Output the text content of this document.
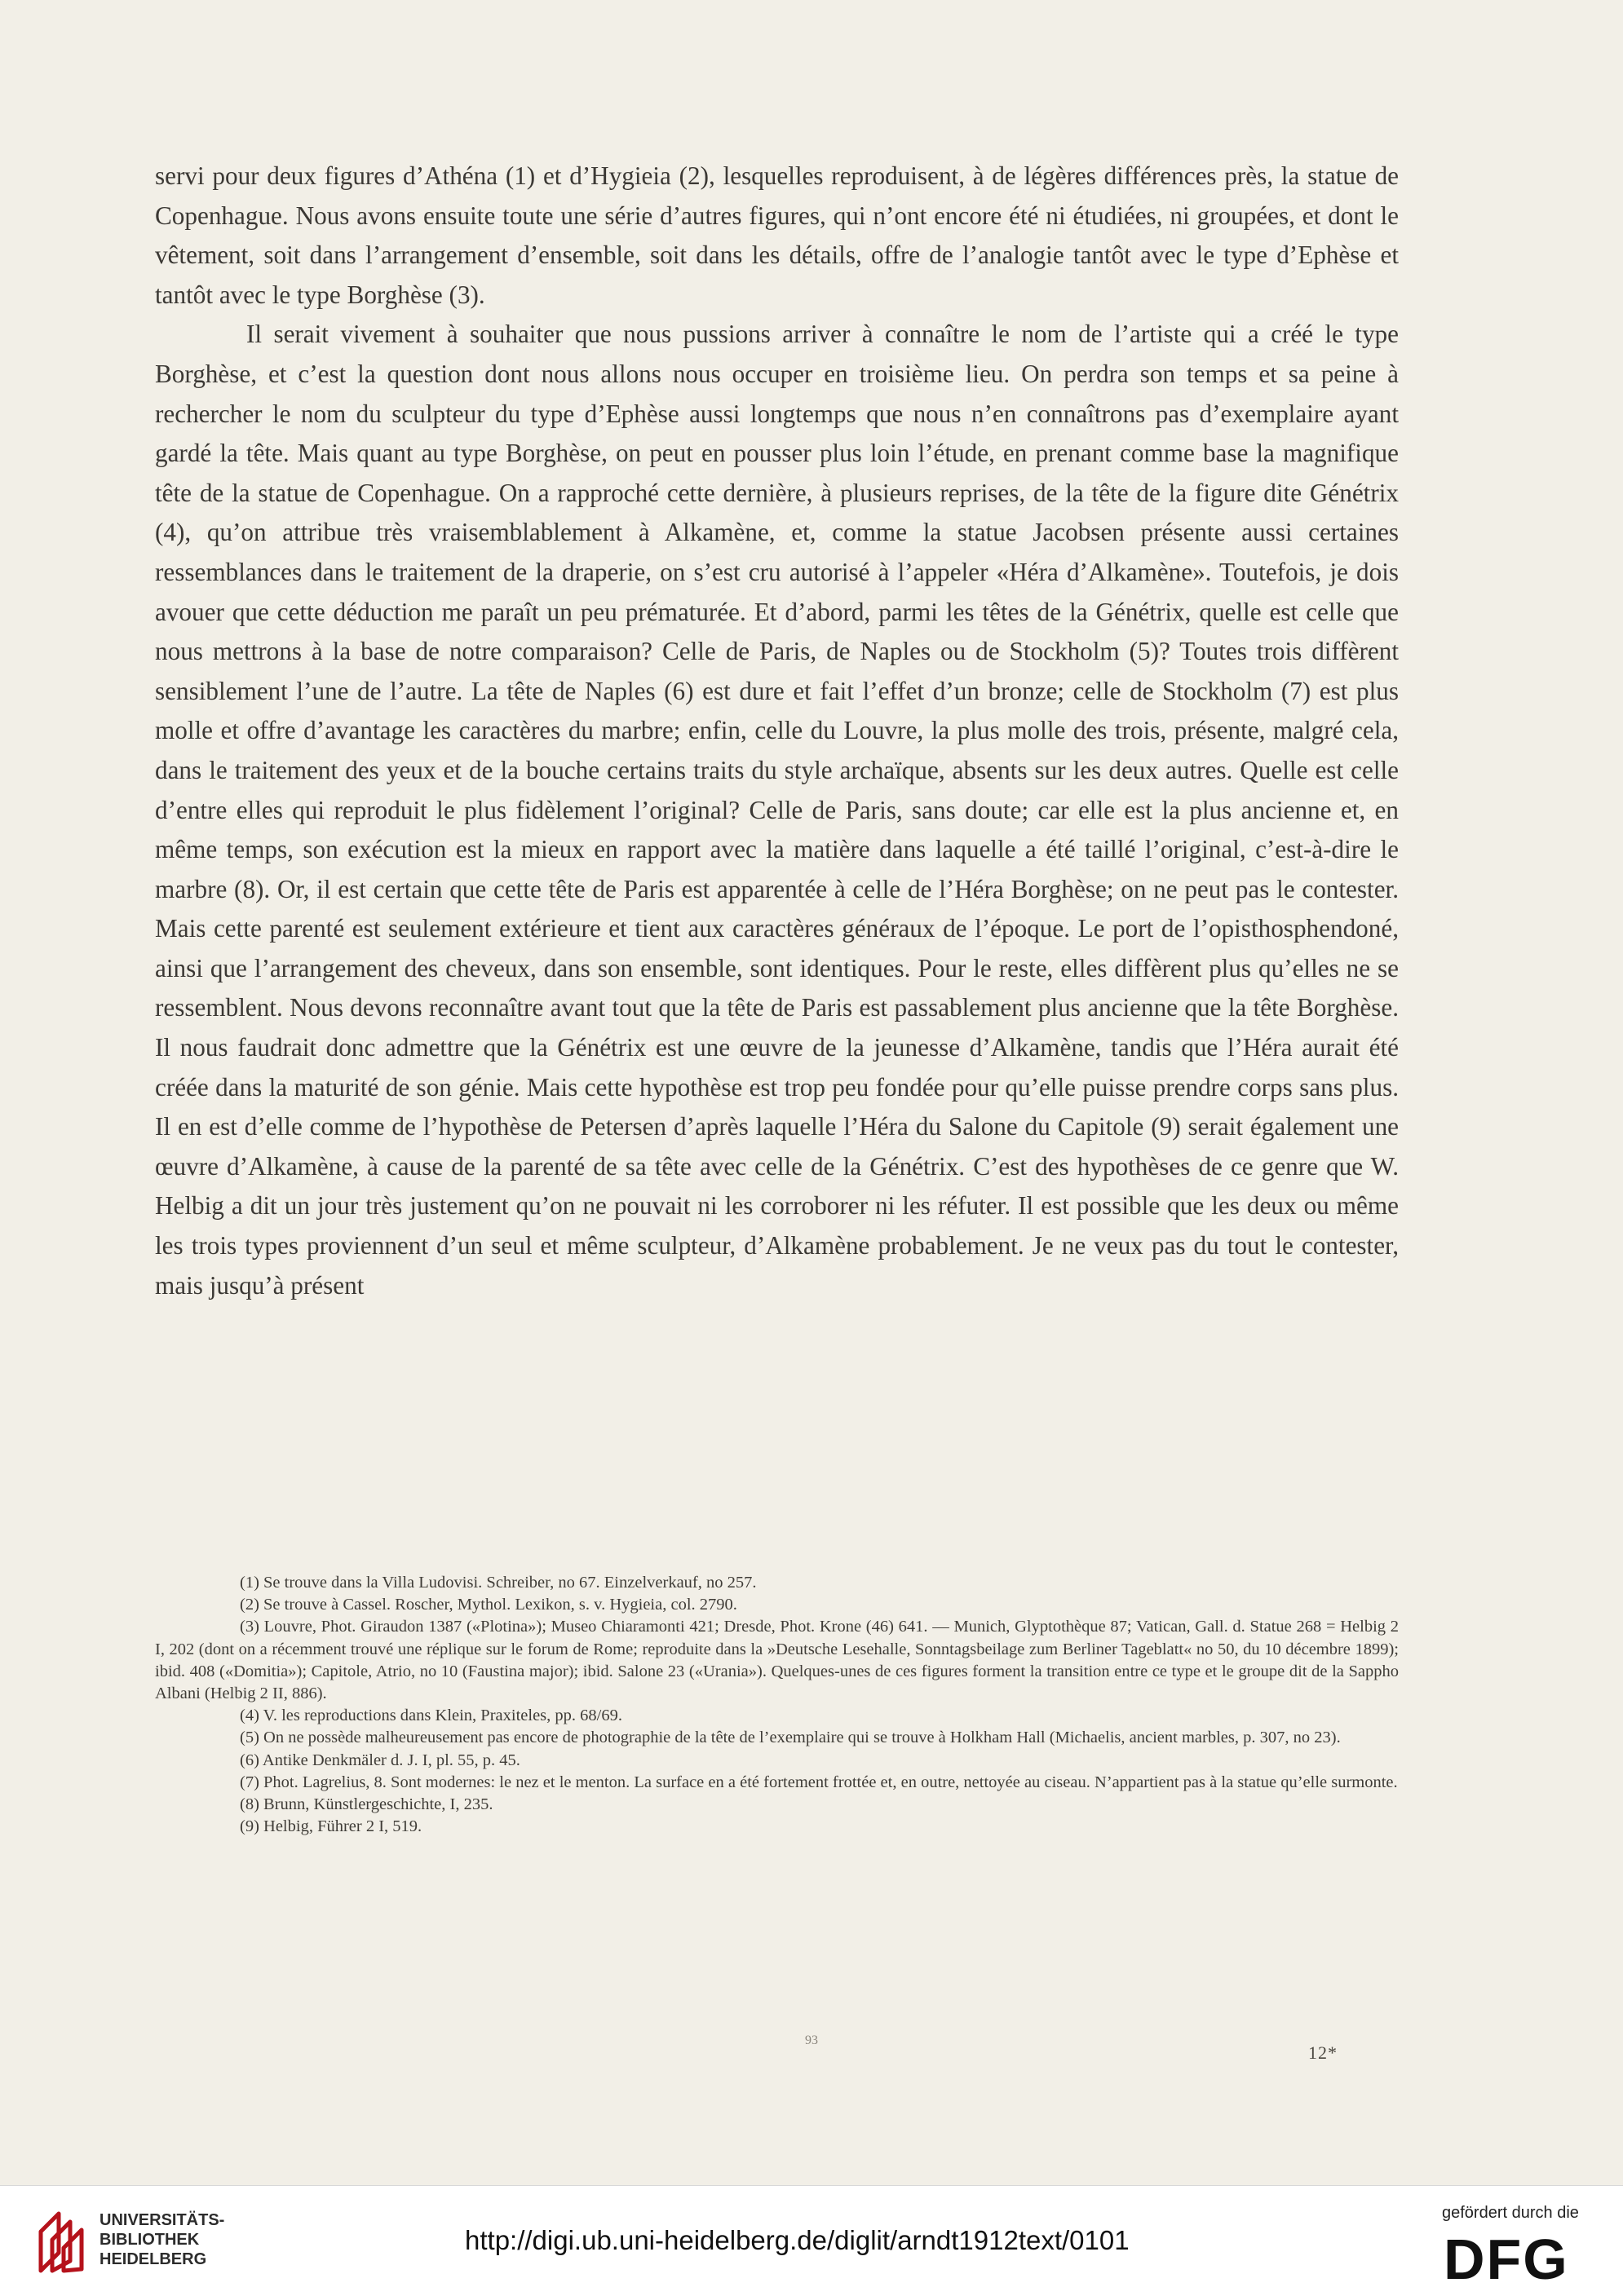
servi pour deux figures d’Athéna (1) et d’Hygieia (2), lesquelles reproduisent, à de légères différences près, la statue de Copenhague. Nous avons ensuite toute une série d’autres figures, qui n’ont encore été ni étudiées, ni groupées, et dont le vêtement, soit dans l’arrangement d’ensemble, soit dans les détails, offre de l’analogie tantôt avec le type d’Ephèse et tantôt avec le type Borghèse (3).

Il serait vivement à souhaiter que nous pussions arriver à connaître le nom de l’artiste qui a créé le type Borghèse, et c’est la question dont nous allons nous occuper en troisième lieu. On perdra son temps et sa peine à rechercher le nom du sculpteur du type d’Ephèse aussi longtemps que nous n’en connaîtrons pas d’exemplaire ayant gardé la tête. Mais quant au type Borghèse, on peut en pousser plus loin l’étude, en prenant comme base la magnifique tête de la statue de Copenhague. On a rapproché cette dernière, à plusieurs reprises, de la tête de la figure dite Génétrix (4), qu’on attribue très vraisemblablement à Alkamène, et, comme la statue Jacobsen présente aussi certaines ressemblances dans le traitement de la draperie, on s’est cru autorisé à l’appeler «Héra d’Alkamène». Toutefois, je dois avouer que cette déduction me paraît un peu prématurée. Et d’abord, parmi les têtes de la Génétrix, quelle est celle que nous mettrons à la base de notre comparaison? Celle de Paris, de Naples ou de Stockholm (5)? Toutes trois diffèrent sensiblement l’une de l’autre. La tête de Naples (6) est dure et fait l’effet d’un bronze; celle de Stockholm (7) est plus molle et offre d’avantage les caractères du marbre; enfin, celle du Louvre, la plus molle des trois, présente, malgré cela, dans le traitement des yeux et de la bouche certains traits du style archaïque, absents sur les deux autres. Quelle est celle d’entre elles qui reproduit le plus fidèlement l’original? Celle de Paris, sans doute; car elle est la plus ancienne et, en même temps, son exécution est la mieux en rapport avec la matière dans laquelle a été taillé l’original, c’est-à-dire le marbre (8). Or, il est certain que cette tête de Paris est apparentée à celle de l’Héra Borghèse; on ne peut pas le contester. Mais cette parenté est seulement extérieure et tient aux caractères généraux de l’époque. Le port de l’opisthosphendoné, ainsi que l’arrangement des cheveux, dans son ensemble, sont identiques. Pour le reste, elles diffèrent plus qu’elles ne se ressemblent. Nous devons reconnaître avant tout que la tête de Paris est passablement plus ancienne que la tête Borghèse. Il nous faudrait donc admettre que la Génétrix est une œuvre de la jeunesse d’Alkamène, tandis que l’Héra aurait été créée dans la maturité de son génie. Mais cette hypothèse est trop peu fondée pour qu’elle puisse prendre corps sans plus. Il en est d’elle comme de l’hypothèse de Petersen d’après laquelle l’Héra du Salone du Capitole (9) serait également une œuvre d’Alkamène, à cause de la parenté de sa tête avec celle de la Génétrix. C’est des hypothèses de ce genre que W. Helbig a dit un jour très justement qu’on ne pouvait ni les corroborer ni les réfuter. Il est possible que les deux ou même les trois types proviennent d’un seul et même sculpteur, d’Alkamène probablement. Je ne veux pas du tout le contester, mais jusqu’à présent

(1) Se trouve dans la Villa Ludovisi. Schreiber, no 67. Einzelverkauf, no 257.

(2) Se trouve à Cassel. Roscher, Mythol. Lexikon, s. v. Hygieia, col. 2790.

(3) Louvre, Phot. Giraudon 1387 («Plotina»); Museo Chiaramonti 421; Dresde, Phot. Krone (46) 641. — Munich, Glyptothèque 87; Vatican, Gall. d. Statue 268 = Helbig 2 I, 202 (dont on a récemment trouvé une réplique sur le forum de Rome; reproduite dans la »Deutsche Lesehalle, Sonntagsbeilage zum Berliner Tageblatt« no 50, du 10 décembre 1899); ibid. 408 («Domitia»); Capitole, Atrio, no 10 (Faustina major); ibid. Salone 23 («Urania»). Quelques-unes de ces figures forment la transition entre ce type et le groupe dit de la Sappho Albani (Helbig 2 II, 886).

(4) V. les reproductions dans Klein, Praxiteles, pp. 68/69.

(5) On ne possède malheureusement pas encore de photographie de la tête de l’exemplaire qui se trouve à Holkham Hall (Michaelis, ancient marbles, p. 307, no 23).

(6) Antike Denkmäler d. J. I, pl. 55, p. 45.

(7) Phot. Lagrelius, 8. Sont modernes: le nez et le menton. La surface en a été fortement frottée et, en outre, nettoyée au ciseau. N’appartient pas à la statue qu’elle surmonte.

(8) Brunn, Künstlergeschichte, I, 235.

(9) Helbig, Führer 2 I, 519.

93
12*
UNIVERSITÄTS-
BIBLIOTHEK
HEIDELBERG
http://digi.ub.uni-heidelberg.de/diglit/arndt1912text/0101
gefördert durch die
DFG
